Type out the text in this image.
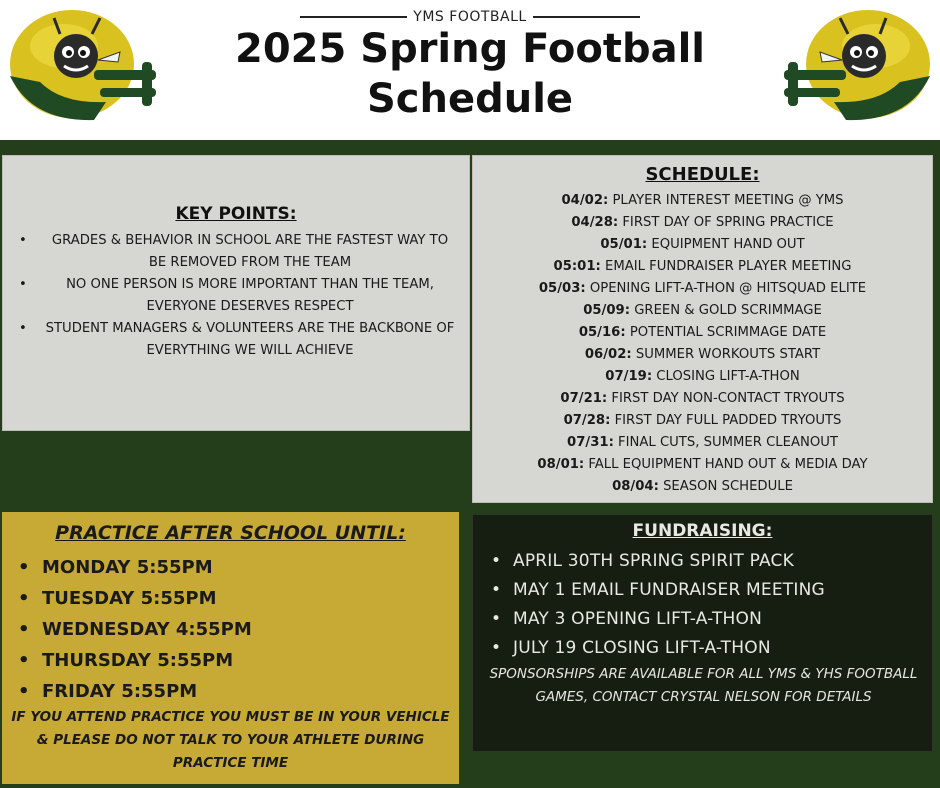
YMS FOOTBALL
2025 Spring Football Schedule
KEY POINTS:
• GRADES & BEHAVIOR IN SCHOOL ARE THE FASTEST WAY TO BE REMOVED FROM THE TEAM
•	NO ONE PERSON IS MORE IMPORTANT THAN THE TEAM, EVERYONE DESERVES RESPECT
• STUDENT MANAGERS & VOLUNTEERS ARE THE BACKBONE OF EVERYTHING WE WILL ACHIEVE
SCHEDULE:
04/02: PLAYER INTEREST MEETING @ YMS
04/28: FIRST DAY OF SPRING PRACTICE
05/01: EQUIPMENT HAND OUT
05:01: EMAIL FUNDRAISER PLAYER MEETING
05/03: OPENING LIFT-A-THON @ HITSQUAD ELITE
05/09: GREEN & GOLD SCRIMMAGE
05/16: POTENTIAL SCRIMMAGE DATE
06/02: SUMMER WORKOUTS START
07/19: CLOSING LIFT-A-THON
07/21: FIRST DAY NON-CONTACT TRYOUTS
07/28: FIRST DAY FULL PADDED TRYOUTS
07/31: FINAL CUTS, SUMMER CLEANOUT
08/01: FALL EQUIPMENT HAND OUT & MEDIA DAY
08/04: SEASON SCHEDULE
PRACTICE AFTER SCHOOL UNTIL:
• MONDAY 5:55PM
• TUESDAY 5:55PM
• WEDNESDAY 4:55PM
• THURSDAY 5:55PM
• FRIDAY 5:55PM
IF YOU ATTEND PRACTICE YOU MUST BE IN YOUR VEHICLE & PLEASE DO NOT TALK TO YOUR ATHLETE DURING PRACTICE TIME
FUNDRAISING:
• APRIL 30TH SPRING SPIRIT PACK
• MAY 1 EMAIL FUNDRAISER MEETING
• MAY 3 OPENING LIFT-A-THON
• JULY 19 CLOSING LIFT-A-THON
SPONSORSHIPS ARE AVAILABLE FOR ALL YMS & YHS FOOTBALL GAMES, CONTACT CRYSTAL NELSON FOR DETAILS
